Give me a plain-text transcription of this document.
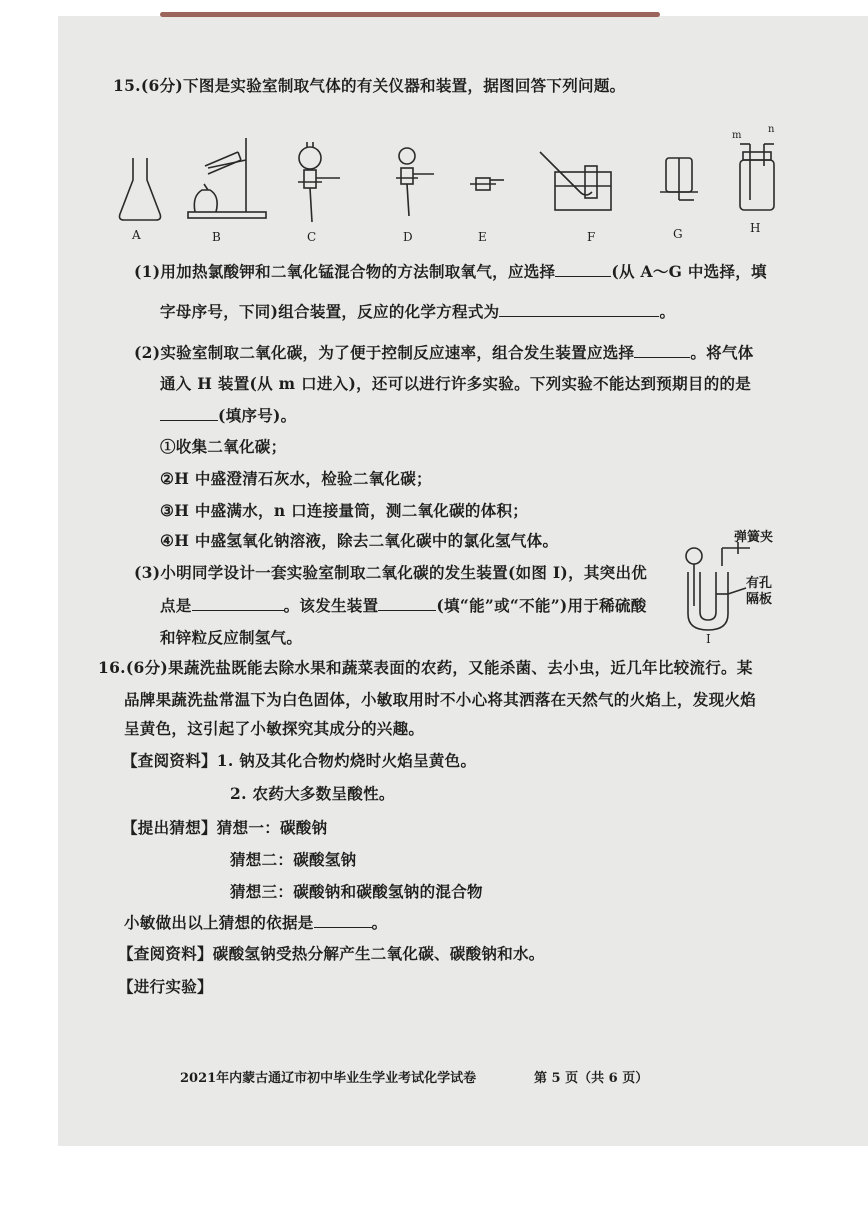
15.(6分)下图是实验室制取气体的有关仪器和装置，据图回答下列问题。
A	B	C	D	E	F	G	H
m
n
(1)用加热氯酸钾和二氧化锰混合物的方法制取氧气，应选择	(从 A～G 中选择，填
字母序号，下同)组合装置，反应的化学方程式为	。
(2)实验室制取二氧化碳，为了便于控制反应速率，组合发生装置应选择	。将气体
通入 H 装置(从 m 口进入)，还可以进行许多实验。下列实验不能达到预期目的的是
(填序号)。
①收集二氧化碳；
②H 中盛澄清石灰水，检验二氧化碳；
③H 中盛满水，n 口连接量筒，测二氧化碳的体积；
④H 中盛氢氧化钠溶液，除去二氧化碳中的氯化氢气体。
(3)小明同学设计一套实验室制取二氧化碳的发生装置(如图 I)，其突出优
点是	。该发生装置	(填“能”或“不能”)用于稀硫酸
和锌粒反应制氢气。
弹簧夹
有孔
隔板
I
16.(6分)果蔬洗盐既能去除水果和蔬菜表面的农药，又能杀菌、去小虫，近几年比较流行。某
品牌果蔬洗盐常温下为白色固体，小敏取用时不小心将其洒落在天然气的火焰上，发现火焰
呈黄色，这引起了小敏探究其成分的兴趣。
【查阅资料】1. 钠及其化合物灼烧时火焰呈黄色。
2. 农药大多数呈酸性。
【提出猜想】猜想一：碳酸钠
猜想二：碳酸氢钠
猜想三：碳酸钠和碳酸氢钠的混合物
小敏做出以上猜想的依据是	。
【查阅资料】碳酸氢钠受热分解产生二氧化碳、碳酸钠和水。
【进行实验】
2021年内蒙古通辽市初中毕业生学业考试化学试卷	第 5 页（共 6 页）
